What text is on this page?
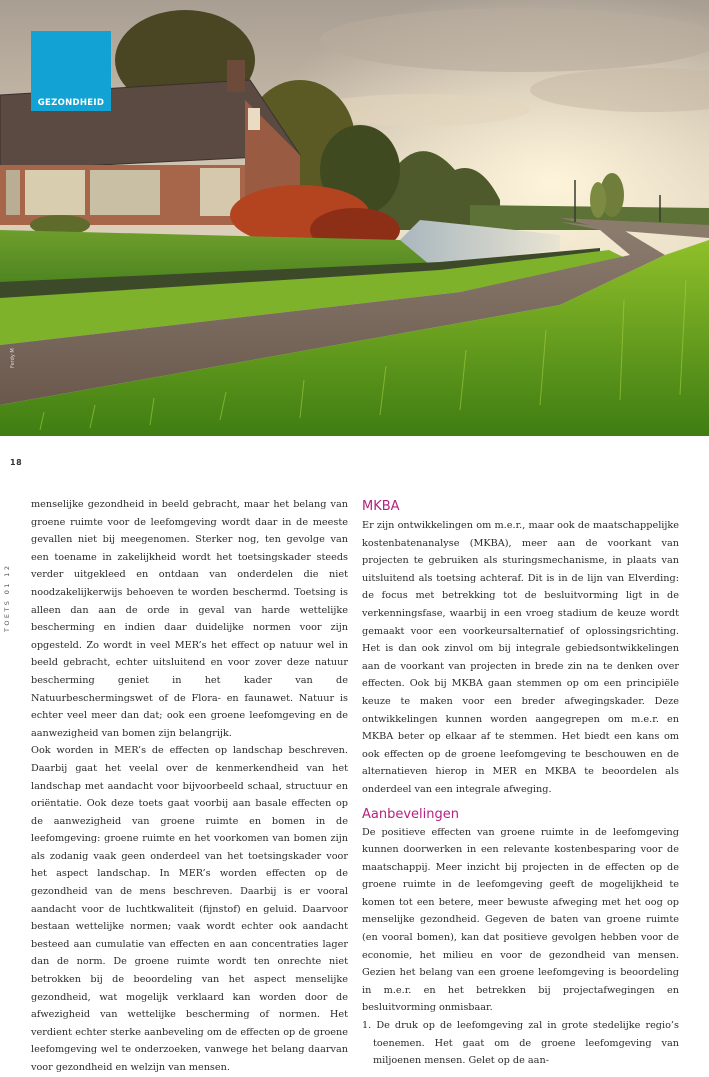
GEZONDHEID
Ferdy M
18
TOETS 01 12

menselijke gezondheid in beeld gebracht, maar het belang van groene ruimte voor de leefomgeving wordt daar in de meeste gevallen niet bij meegenomen. Sterker nog, ten gevolge van een toename in zakelijkheid wordt het toetsingskader steeds verder uitgekleed en ontdaan van onderdelen die niet noodzakelijkerwijs behoeven te worden beschermd. Toetsing is alleen dan aan de orde in geval van harde wettelijke bescherming en indien daar duidelijke normen voor zijn opgesteld. Zo wordt in veel MER’s het effect op natuur wel in beeld gebracht, echter uitsluitend en voor zover deze natuur bescherming geniet in het kader van de Natuurbeschermingswet of de Flora- en faunawet. Natuur is echter veel meer dan dat; ook een groene leefomgeving en de aanwezigheid van bomen zijn belangrijk.

Ook worden in MER’s de effecten op landschap beschreven. Daarbij gaat het veelal over de kenmerkendheid van het landschap met aandacht voor bijvoorbeeld schaal, structuur en oriëntatie. Ook deze toets gaat voorbij aan basale effecten op de aanwezigheid van groene ruimte en bomen in de leefomgeving: groene ruimte en het voorkomen van bomen zijn als zodanig vaak geen onderdeel van het toetsingskader voor het aspect landschap. In MER’s worden effecten op de gezondheid van de mens beschreven. Daarbij is er vooral aandacht voor de luchtkwaliteit (fijnstof) en geluid. Daarvoor bestaan wettelijke normen; vaak wordt echter ook aandacht besteed aan cumulatie van effecten en aan concentraties lager dan de norm. De groene ruimte wordt ten onrechte niet betrokken bij de beoordeling van het aspect menselijke gezondheid, wat mogelijk verklaard kan worden door de afwezigheid van wettelijke bescherming of normen. Het verdient echter sterke aanbeveling om de effecten op de groene leefomgeving wel te onderzoeken, vanwege het belang daarvan voor gezondheid en welzijn van mensen.

MKBA

Er zijn ontwikkelingen om m.e.r., maar ook de maatschappelijke kostenbatenanalyse (MKBA), meer aan de voorkant van projecten te gebruiken als sturingsmechanisme, in plaats van uitsluitend als toetsing achteraf. Dit is in de lijn van Elverding: de focus met betrekking tot de besluitvorming ligt in de verkenningsfase, waarbij in een vroeg stadium de keuze wordt gemaakt voor een voorkeursalternatief of oplossingsrichting. Het is dan ook zinvol om bij integrale gebiedsontwikkelingen aan de voorkant van projecten in brede zin na te denken over effecten. Ook bij MKBA gaan stemmen op om een principiële keuze te maken voor een breder afwegingskader. Deze ontwikkelingen kunnen worden aangegrepen om m.e.r. en MKBA beter op elkaar af te stemmen. Het biedt een kans om ook effecten op de groene leefomgeving te beschouwen en de alternatieven hierop in MER en MKBA te beoordelen als onderdeel van een integrale afweging.

Aanbevelingen

De positieve effecten van groene ruimte in de leefomgeving kunnen doorwerken in een relevante kostenbesparing voor de maatschappij. Meer inzicht bij projecten in de effecten op de groene ruimte in de leefomgeving geeft de mogelijkheid te komen tot een betere, meer bewuste afweging met het oog op menselijke gezondheid. Gegeven de baten van groene ruimte (en vooral bomen), kan dat positieve gevolgen hebben voor de economie, het milieu en voor de gezondheid van mensen. Gezien het belang van een groene leefomgeving is beoordeling in m.e.r. en het betrekken bij projectafwegingen en besluitvorming onmisbaar.

1. De druk op de leefomgeving zal in grote stedelijke regio’s toenemen. Het gaat om de groene leefomgeving van miljoenen mensen. Gelet op de aan-
